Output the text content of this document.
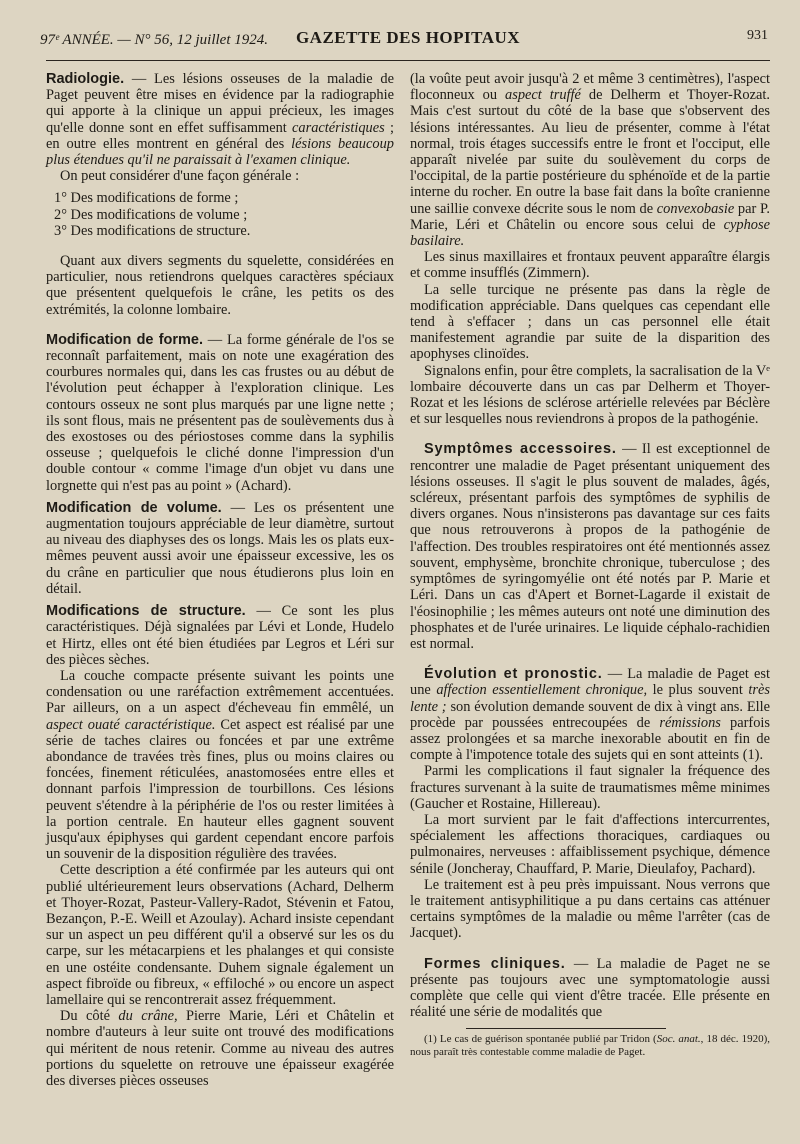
97ᵉ ANNÉE. — N° 56, 12 juillet 1924.	GAZETTE DES HOPITAUX	931

Radiologie. — Les lésions osseuses de la maladie de Paget peuvent être mises en évidence par la radiographie qui apporte à la clinique un appui précieux, les images qu'elle donne sont en effet suffisamment caractéristiques ; en outre elles montrent en général des lésions beaucoup plus étendues qu'il ne paraissait à l'examen clinique.

On peut considérer d'une façon générale :

1° Des modifications de forme ;

2° Des modifications de volume ;

3° Des modifications de structure.

Quant aux divers segments du squelette, considérées en particulier, nous retiendrons quelques caractères spéciaux que présentent quelquefois le crâne, les petits os des extrémités, la colonne lombaire.

Modification de forme. — La forme générale de l'os se reconnaît parfaitement, mais on note une exagération des courbures normales qui, dans les cas frustes ou au début de l'évolution peut échapper à l'exploration clinique. Les contours osseux ne sont plus marqués par une ligne nette ; ils sont flous, mais ne présentent pas de soulèvements dus à des exostoses ou des périostoses comme dans la syphilis osseuse ; quelquefois le cliché donne l'impression d'un double contour « comme l'image d'un objet vu dans une lorgnette qui n'est pas au point » (Achard).

Modification de volume. — Les os présentent une augmentation toujours appréciable de leur diamètre, surtout au niveau des diaphyses des os longs. Mais les os plats eux-mêmes peuvent aussi avoir une épaisseur excessive, les os du crâne en particulier que nous étudierons plus loin en détail.

Modifications de structure. — Ce sont les plus caractéristiques. Déjà signalées par Lévi et Londe, Hudelo et Hirtz, elles ont été bien étudiées par Legros et Léri sur des pièces sèches.

La couche compacte présente suivant les points une condensation ou une raréfaction extrêmement accentuées. Par ailleurs, on a un aspect d'écheveau fin emmêlé, un aspect ouaté caractéristique. Cet aspect est réalisé par une série de taches claires ou foncées et par une extrême abondance de travées très fines, plus ou moins claires ou foncées, finement réticulées, anastomosées entre elles et donnant parfois l'impression de tourbillons. Ces lésions peuvent s'étendre à la périphérie de l'os ou rester limitées à la portion centrale. En hauteur elles gagnent souvent jusqu'aux épiphyses qui gardent cependant encore parfois un souvenir de la disposition régulière des travées.

Cette description a été confirmée par les auteurs qui ont publié ultérieurement leurs observations (Achard, Delherm et Thoyer-Rozat, Pasteur-Vallery-Radot, Stévenin et Fatou, Bezançon, P.-E. Weill et Azoulay). Achard insiste cependant sur un aspect un peu différent qu'il a observé sur les os du carpe, sur les métacarpiens et les phalanges et qui consiste en une ostéite condensante. Duhem signale également un aspect fibroïde ou fibreux, « effiloché » ou encore un aspect lamellaire qui se rencontrerait assez fréquemment.

Du côté du crâne, Pierre Marie, Léri et Châtelin et nombre d'auteurs à leur suite ont trouvé des modifications qui méritent de nous retenir. Comme au niveau des autres portions du squelette on retrouve une épaisseur exagérée des diverses pièces osseuses

(la voûte peut avoir jusqu'à 2 et même 3 centimètres), l'aspect floconneux ou aspect truffé de Delherm et Thoyer-Rozat. Mais c'est surtout du côté de la base que s'observent des lésions intéressantes. Au lieu de présenter, comme à l'état normal, trois étages successifs entre le front et l'occiput, elle apparaît nivelée par suite du soulèvement du corps de l'occipital, de la partie postérieure du sphénoïde et de la partie interne du rocher. En outre la base fait dans la boîte cranienne une saillie convexe décrite sous le nom de convexobasie par P. Marie, Léri et Châtelin ou encore sous celui de cyphose basilaire.

Les sinus maxillaires et frontaux peuvent apparaître élargis et comme insufflés (Zimmern).

La selle turcique ne présente pas dans la règle de modification appréciable. Dans quelques cas cependant elle tend à s'effacer ; dans un cas personnel elle était manifestement agrandie par suite de la disparition des apophyses clinoïdes.

Signalons enfin, pour être complets, la sacralisation de la Vᵉ lombaire découverte dans un cas par Delherm et Thoyer-Rozat et les lésions de sclérose artérielle relevées par Béclère et sur lesquelles nous reviendrons à propos de la pathogénie.

Symptômes accessoires. — Il est exceptionnel de rencontrer une maladie de Paget présentant uniquement des lésions osseuses. Il s'agit le plus souvent de malades, âgés, scléreux, présentant parfois des symptômes de syphilis de divers organes. Nous n'insisterons pas davantage sur ces faits que nous retrouverons à propos de la pathogénie de l'affection. Des troubles respiratoires ont été mentionnés assez souvent, emphysème, bronchite chronique, tuberculose ; des symptômes de syringomyélie ont été notés par P. Marie et Léri. Dans un cas d'Apert et Bornet-Lagarde il existait de l'éosinophilie ; les mêmes auteurs ont noté une diminution des phosphates et de l'urée urinaires. Le liquide céphalo-rachidien est normal.

Évolution et pronostic. — La maladie de Paget est une affection essentiellement chronique, le plus souvent très lente ; son évolution demande souvent de dix à vingt ans. Elle procède par poussées entrecoupées de rémissions parfois assez prolongées et sa marche inexorable aboutit en fin de compte à l'impotence totale des sujets qui en sont atteints (1).

Parmi les complications il faut signaler la fréquence des fractures survenant à la suite de traumatismes même minimes (Gaucher et Rostaine, Hillereau).

La mort survient par le fait d'affections intercurrentes, spécialement les affections thoraciques, cardiaques ou pulmonaires, nerveuses : affaiblissement psychique, démence sénile (Joncheray, Chauffard, P. Marie, Dieulafoy, Pachard).

Le traitement est à peu près impuissant. Nous verrons que le traitement antisyphilitique a pu dans certains cas atténuer certains symptômes de la maladie ou même l'arrêter (cas de Jacquet).

Formes cliniques. — La maladie de Paget ne se présente pas toujours avec une symptomatologie aussi complète que celle qui vient d'être tracée. Elle présente en réalité une série de modalités que

(1) Le cas de guérison spontanée publié par Tridon (Soc. anat., 18 déc. 1920), nous paraît très contestable comme maladie de Paget.
